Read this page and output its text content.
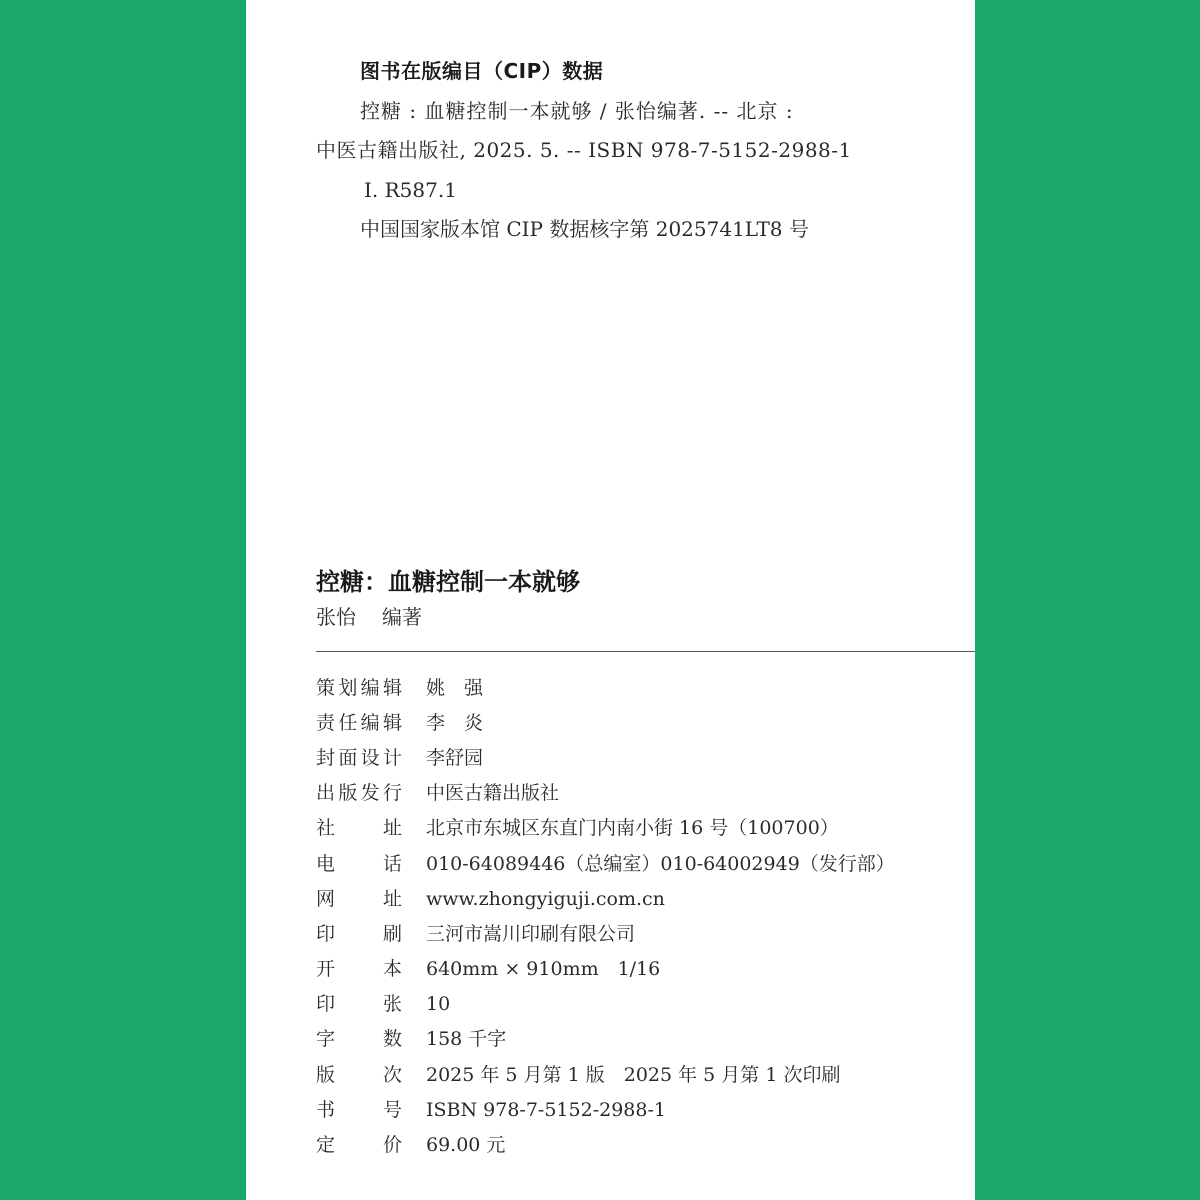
图书在版编目（CIP）数据
控糖 : 血糖控制一本就够 / 张怡编著. -- 北京 :
中医古籍出版社, 2025. 5. -- ISBN 978-7-5152-2988-1
Ⅰ. R587.1
中国国家版本馆 CIP 数据核字第 2025741LT8 号
控糖：血糖控制一本就够
张怡 编著
策划编辑 姚　强
责任编辑 李　炎
封面设计 李舒园
出版发行 中医古籍出版社
社址 北京市东城区东直门内南小街 16 号（100700）
电话 010-64089446（总编室）010-64002949（发行部）
网址 www.zhongyiguji.com.cn
印刷 三河市嵩川印刷有限公司
开本 640mm × 910mm　1/16
印张 10
字数 158 千字
版次 2025 年 5 月第 1 版　2025 年 5 月第 1 次印刷
书号 ISBN 978-7-5152-2988-1
定价 69.00 元
